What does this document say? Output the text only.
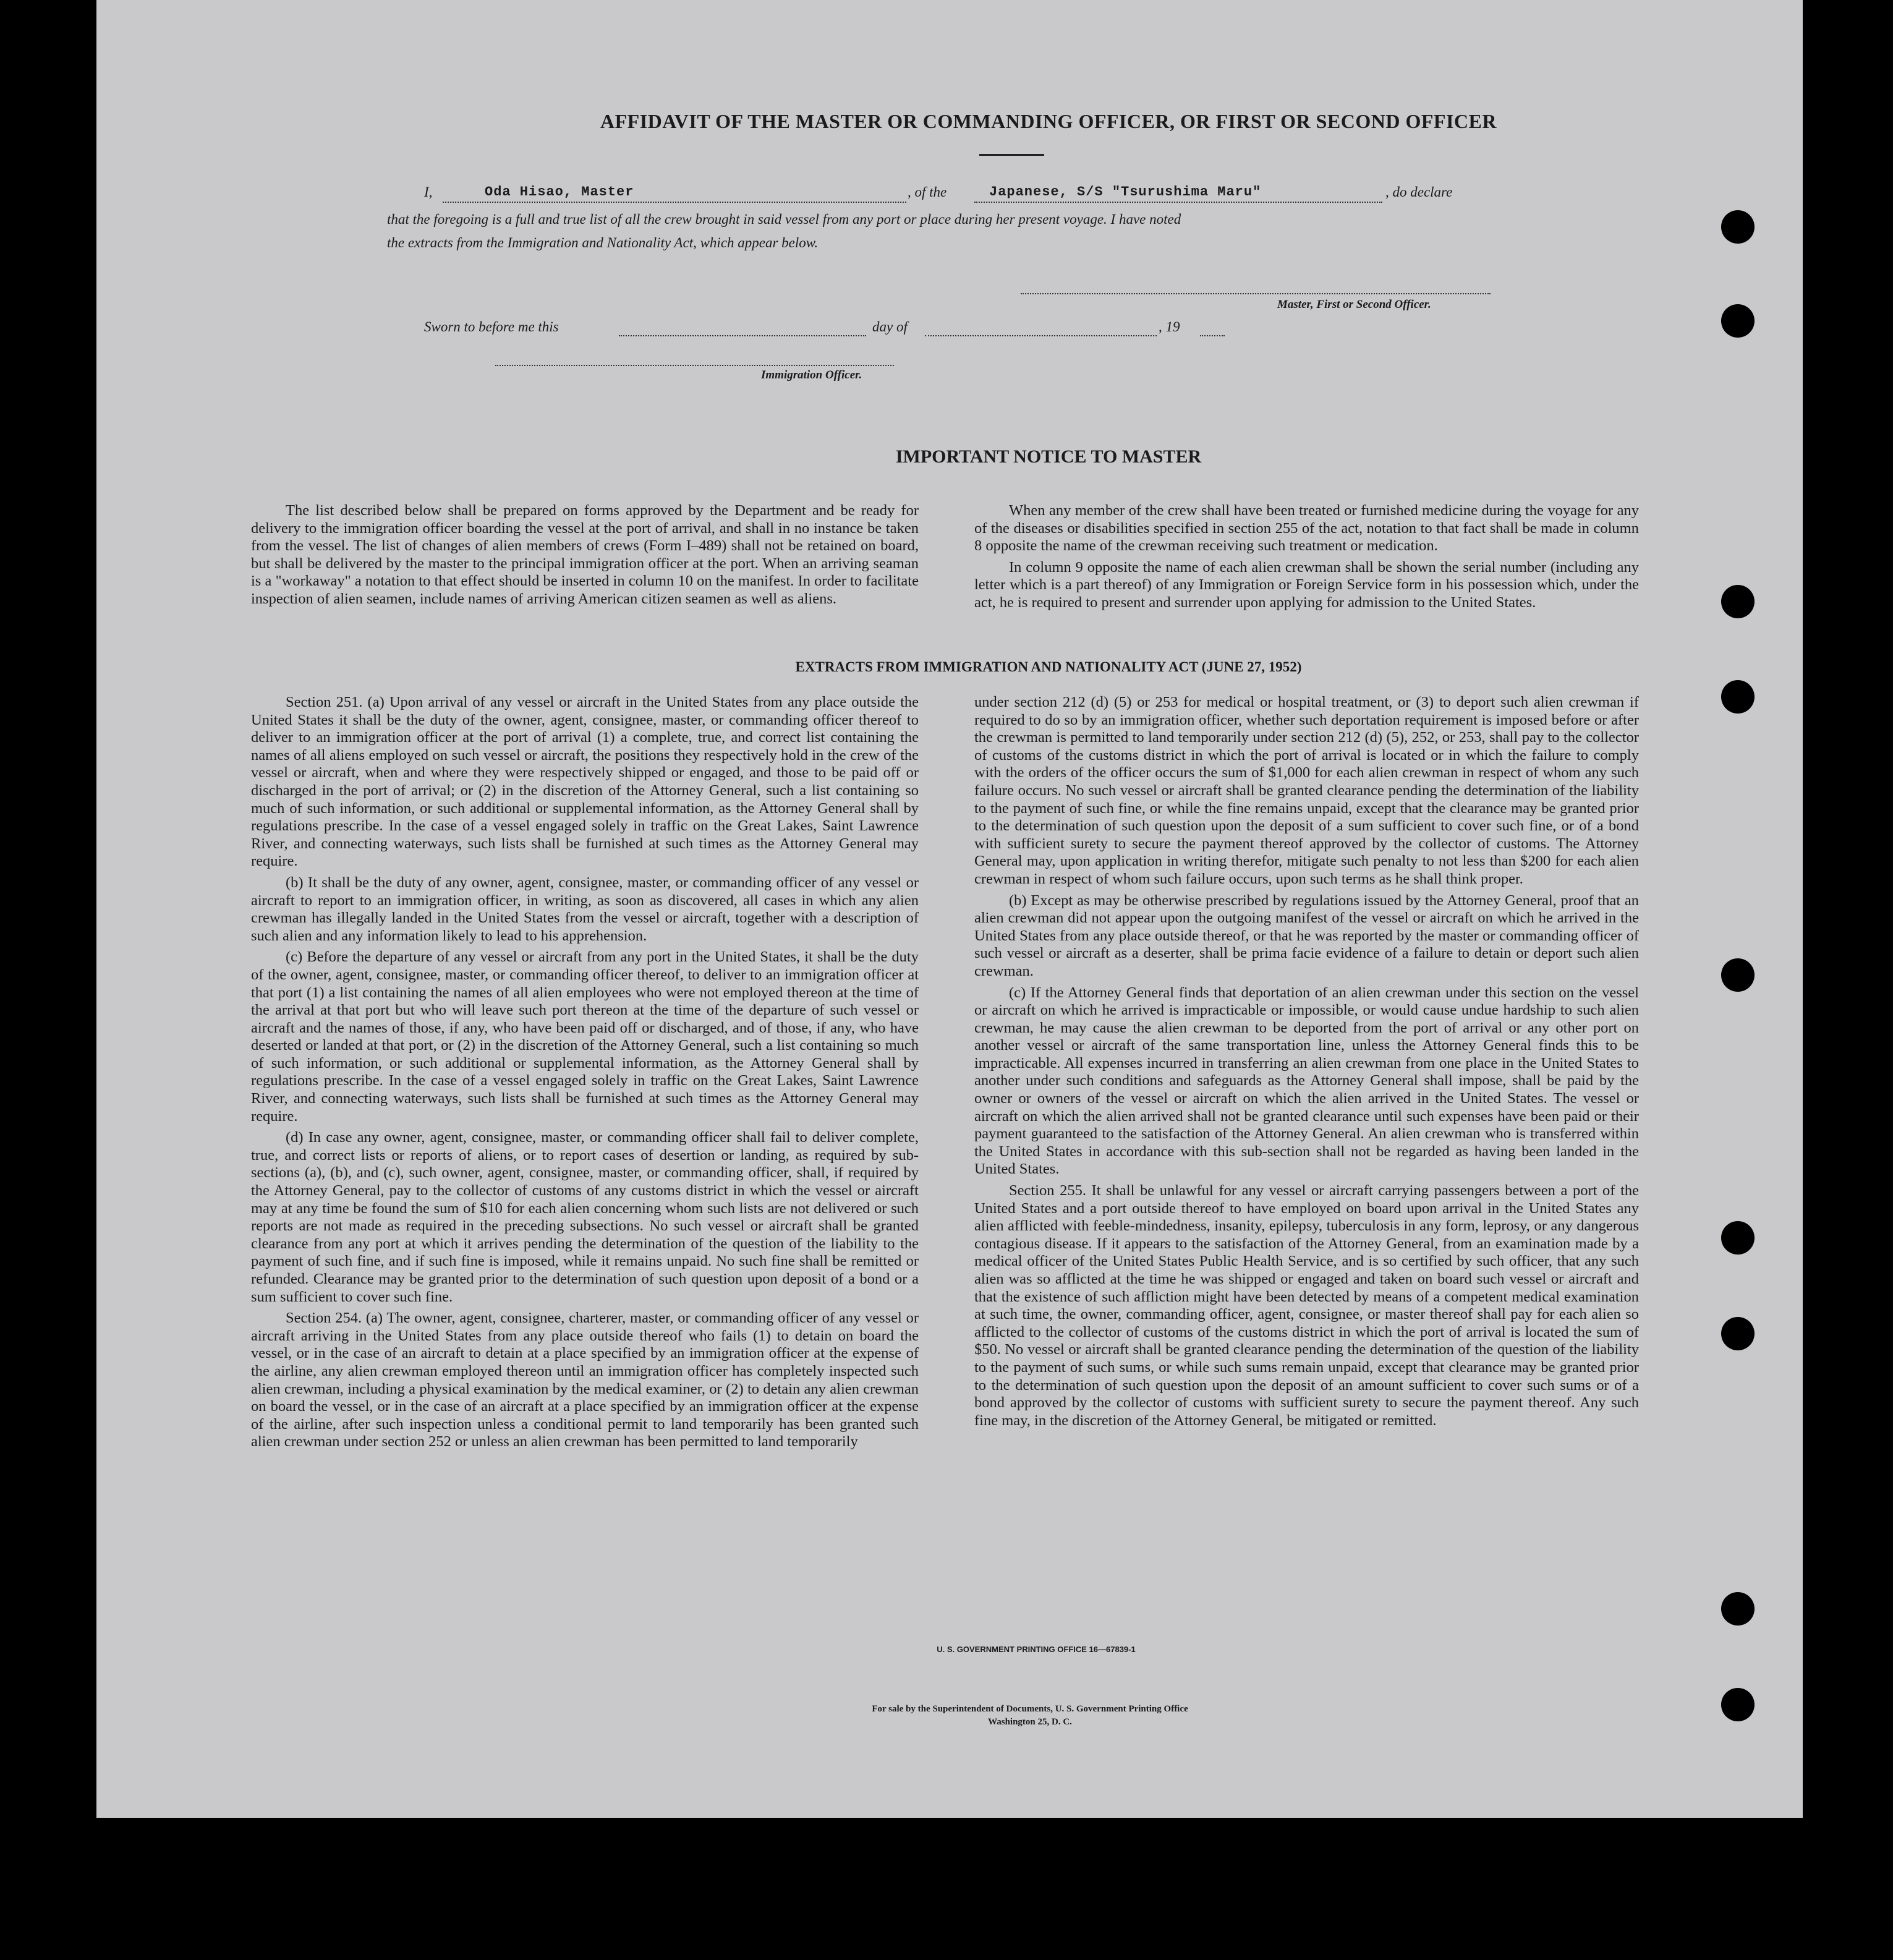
AFFIDAVIT OF THE MASTER OR COMMANDING OFFICER, OR FIRST OR SECOND OFFICER
I,	Oda Hisao, Master	, of the	Japanese, S/S "Tsurushima Maru"	, do declare
that the foregoing is a full and true list of all the crew brought in said vessel from any port or place during her present voyage. I have noted
the extracts from the Immigration and Nationality Act, which appear below.
Master, First or Second Officer.
Sworn to before me this	day of	, 19
Immigration Officer.
IMPORTANT NOTICE TO MASTER

The list described below shall be prepared on forms approved by the Department and be ready for delivery to the immigration officer boarding the vessel at the port of arrival, and shall in no instance be taken from the vessel. The list of changes of alien members of crews (Form I–489) shall not be retained on board, but shall be delivered by the master to the principal immigration officer at the port. When an arriving seaman is a "workaway" a notation to that effect should be inserted in column 10 on the manifest. In order to facilitate inspection of alien seamen, include names of arriving American citizen seamen as well as aliens.

When any member of the crew shall have been treated or furnished medicine during the voyage for any of the diseases or disabilities specified in section 255 of the act, notation to that fact shall be made in column 8 opposite the name of the crewman receiving such treatment or medication.

In column 9 opposite the name of each alien crewman shall be shown the serial number (including any letter which is a part thereof) of any Immigration or Foreign Service form in his possession which, under the act, he is required to present and surrender upon applying for admission to the United States.

EXTRACTS FROM IMMIGRATION AND NATIONALITY ACT (JUNE 27, 1952)

Section 251. (a) Upon arrival of any vessel or aircraft in the United States from any place outside the United States it shall be the duty of the owner, agent, consignee, master, or commanding officer thereof to deliver to an immigration officer at the port of arrival (1) a complete, true, and correct list containing the names of all aliens employed on such vessel or aircraft, the positions they respectively hold in the crew of the vessel or aircraft, when and where they were respectively shipped or engaged, and those to be paid off or discharged in the port of arrival; or (2) in the discretion of the Attorney General, such a list containing so much of such information, or such additional or supplemental information, as the Attorney General shall by regulations prescribe. In the case of a vessel engaged solely in traffic on the Great Lakes, Saint Lawrence River, and connecting waterways, such lists shall be furnished at such times as the Attorney General may require.

(b) It shall be the duty of any owner, agent, consignee, master, or commanding officer of any vessel or aircraft to report to an immigration officer, in writing, as soon as discovered, all cases in which any alien crewman has illegally landed in the United States from the vessel or aircraft, together with a description of such alien and any information likely to lead to his apprehension.

(c) Before the departure of any vessel or aircraft from any port in the United States, it shall be the duty of the owner, agent, consignee, master, or commanding officer thereof, to deliver to an immigration officer at that port (1) a list containing the names of all alien employees who were not employed thereon at the time of the arrival at that port but who will leave such port thereon at the time of the departure of such vessel or aircraft and the names of those, if any, who have been paid off or discharged, and of those, if any, who have deserted or landed at that port, or (2) in the discretion of the Attorney General, such a list containing so much of such information, or such additional or supplemental information, as the Attorney General shall by regulations prescribe. In the case of a vessel engaged solely in traffic on the Great Lakes, Saint Lawrence River, and connecting waterways, such lists shall be furnished at such times as the Attorney General may require.

(d) In case any owner, agent, consignee, master, or commanding officer shall fail to deliver complete, true, and correct lists or reports of aliens, or to report cases of desertion or landing, as required by sub-sections (a), (b), and (c), such owner, agent, consignee, master, or commanding officer, shall, if required by the Attorney General, pay to the collector of customs of any customs district in which the vessel or aircraft may at any time be found the sum of $10 for each alien concerning whom such lists are not delivered or such reports are not made as required in the preceding subsections. No such vessel or aircraft shall be granted clearance from any port at which it arrives pending the determination of the question of the liability to the payment of such fine, and if such fine is imposed, while it remains unpaid. No such fine shall be remitted or refunded. Clearance may be granted prior to the determination of such question upon deposit of a bond or a sum sufficient to cover such fine.

Section 254. (a) The owner, agent, consignee, charterer, master, or commanding officer of any vessel or aircraft arriving in the United States from any place outside thereof who fails (1) to detain on board the vessel, or in the case of an aircraft to detain at a place specified by an immigration officer at the expense of the airline, any alien crewman employed thereon until an immigration officer has completely inspected such alien crewman, including a physical examination by the medical examiner, or (2) to detain any alien crewman on board the vessel, or in the case of an aircraft at a place specified by an immigration officer at the expense of the airline, after such inspection unless a conditional permit to land temporarily has been granted such alien crewman under section 252 or unless an alien crewman has been permitted to land temporarily

under section 212 (d) (5) or 253 for medical or hospital treatment, or (3) to deport such alien crewman if required to do so by an immigration officer, whether such deportation requirement is imposed before or after the crewman is permitted to land temporarily under section 212 (d) (5), 252, or 253, shall pay to the collector of customs of the customs district in which the port of arrival is located or in which the failure to comply with the orders of the officer occurs the sum of $1,000 for each alien crewman in respect of whom any such failure occurs. No such vessel or aircraft shall be granted clearance pending the determination of the liability to the payment of such fine, or while the fine remains unpaid, except that the clearance may be granted prior to the determination of such question upon the deposit of a sum sufficient to cover such fine, or of a bond with sufficient surety to secure the payment thereof approved by the collector of customs. The Attorney General may, upon application in writing therefor, mitigate such penalty to not less than $200 for each alien crewman in respect of whom such failure occurs, upon such terms as he shall think proper.

(b) Except as may be otherwise prescribed by regulations issued by the Attorney General, proof that an alien crewman did not appear upon the outgoing manifest of the vessel or aircraft on which he arrived in the United States from any place outside thereof, or that he was reported by the master or commanding officer of such vessel or aircraft as a deserter, shall be prima facie evidence of a failure to detain or deport such alien crewman.

(c) If the Attorney General finds that deportation of an alien crewman under this section on the vessel or aircraft on which he arrived is impracticable or impossible, or would cause undue hardship to such alien crewman, he may cause the alien crewman to be deported from the port of arrival or any other port on another vessel or aircraft of the same transportation line, unless the Attorney General finds this to be impracticable. All expenses incurred in transferring an alien crewman from one place in the United States to another under such conditions and safeguards as the Attorney General shall impose, shall be paid by the owner or owners of the vessel or aircraft on which the alien arrived in the United States. The vessel or aircraft on which the alien arrived shall not be granted clearance until such expenses have been paid or their payment guaranteed to the satisfaction of the Attorney General. An alien crewman who is transferred within the United States in accordance with this sub-section shall not be regarded as having been landed in the United States.

Section 255. It shall be unlawful for any vessel or aircraft carrying passengers between a port of the United States and a port outside thereof to have employed on board upon arrival in the United States any alien afflicted with feeble-mindedness, insanity, epilepsy, tuberculosis in any form, leprosy, or any dangerous contagious disease. If it appears to the satisfaction of the Attorney General, from an examination made by a medical officer of the United States Public Health Service, and is so certified by such officer, that any such alien was so afflicted at the time he was shipped or engaged and taken on board such vessel or aircraft and that the existence of such affliction might have been detected by means of a competent medical examination at such time, the owner, commanding officer, agent, consignee, or master thereof shall pay for each alien so afflicted to the collector of customs of the customs district in which the port of arrival is located the sum of $50. No vessel or aircraft shall be granted clearance pending the determination of the question of the liability to the payment of such sums, or while such sums remain unpaid, except that clearance may be granted prior to the determination of such question upon the deposit of an amount sufficient to cover such sums or of a bond approved by the collector of customs with sufficient surety to secure the payment thereof. Any such fine may, in the discretion of the Attorney General, be mitigated or remitted.

U. S. GOVERNMENT PRINTING OFFICE 16—67839-1
For sale by the Superintendent of Documents, U. S. Government Printing Office
Washington 25, D. C.
